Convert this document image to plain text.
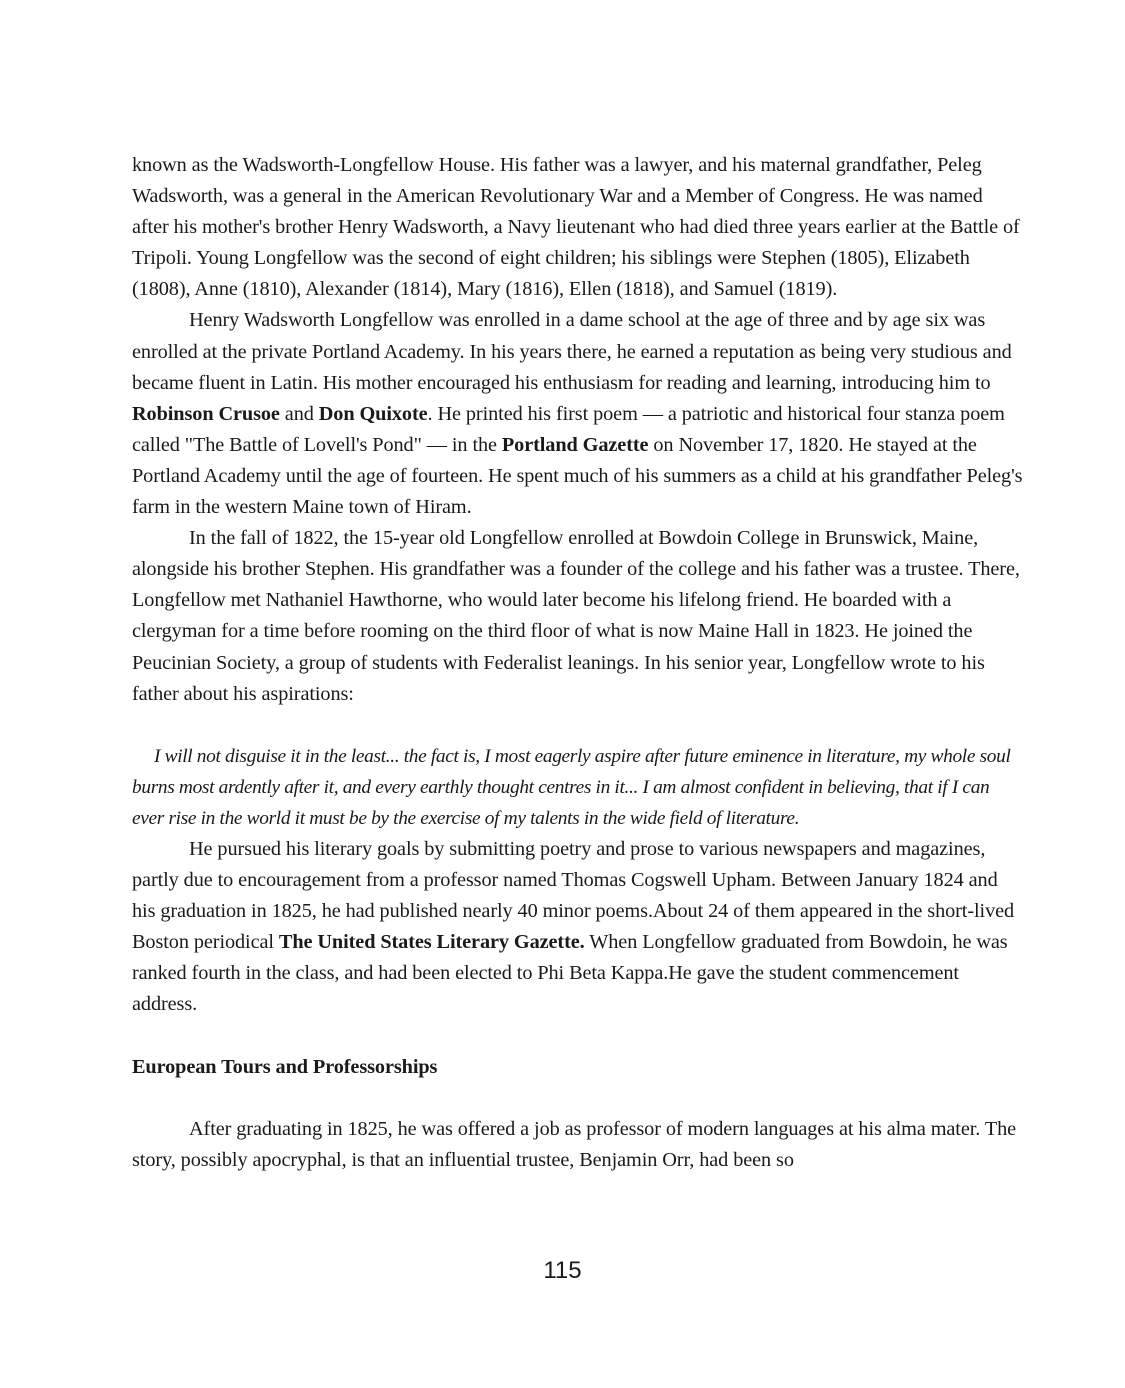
known as the Wadsworth-Longfellow House. His father was a lawyer, and his maternal grandfather, Peleg Wadsworth, was a general in the American Revolutionary War and a Member of Congress. He was named after his mother's brother Henry Wadsworth, a Navy lieutenant who had died three years earlier at the Battle of Tripoli. Young Longfellow was the second of eight children; his siblings were Stephen (1805), Elizabeth (1808), Anne (1810), Alexander (1814), Mary (1816), Ellen (1818), and Samuel (1819).

Henry Wadsworth Longfellow was enrolled in a dame school at the age of three and by age six was enrolled at the private Portland Academy. In his years there, he earned a reputation as being very studious and became fluent in Latin. His mother encouraged his enthusiasm for reading and learning, introducing him to Robinson Crusoe and Don Quixote. He printed his first poem — a patriotic and historical four stanza poem called "The Battle of Lovell's Pond" — in the Portland Gazette on November 17, 1820. He stayed at the Portland Academy until the age of fourteen. He spent much of his summers as a child at his grandfather Peleg's farm in the western Maine town of Hiram.

In the fall of 1822, the 15-year old Longfellow enrolled at Bowdoin College in Brunswick, Maine, alongside his brother Stephen. His grandfather was a founder of the college and his father was a trustee. There, Longfellow met Nathaniel Hawthorne, who would later become his lifelong friend. He boarded with a clergyman for a time before rooming on the third floor of what is now Maine Hall in 1823. He joined the Peucinian Society, a group of students with Federalist leanings. In his senior year, Longfellow wrote to his father about his aspirations:

I will not disguise it in the least... the fact is, I most eagerly aspire after future eminence in literature, my whole soul burns most ardently after it, and every earthly thought centres in it... I am almost confident in believing, that if I can ever rise in the world it must be by the exercise of my talents in the wide field of literature.

He pursued his literary goals by submitting poetry and prose to various newspapers and magazines, partly due to encouragement from a professor named Thomas Cogswell Upham. Between January 1824 and his graduation in 1825, he had published nearly 40 minor poems.About 24 of them appeared in the short-lived Boston periodical The United States Literary Gazette. When Longfellow graduated from Bowdoin, he was ranked fourth in the class, and had been elected to Phi Beta Kappa.He gave the student commencement address.

European Tours and Professorships

After graduating in 1825, he was offered a job as professor of modern languages at his alma mater. The story, possibly apocryphal, is that an influential trustee, Benjamin Orr, had been so

115
